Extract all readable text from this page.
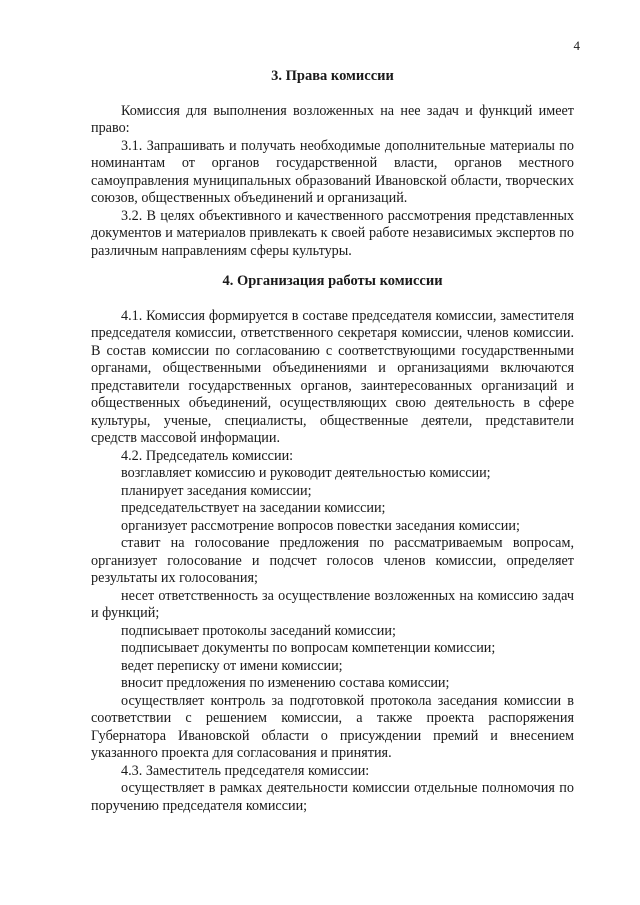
4

3. Права комиссии

Комиссия для выполнения возложенных на нее задач и функций имеет право:

3.1. Запрашивать и получать необходимые дополнительные материалы по номинантам от органов государственной власти, органов местного самоуправления муниципальных образований Ивановской области, творческих союзов, общественных объединений и организаций.

3.2. В целях объективного и качественного рассмотрения представленных документов и материалов привлекать к своей работе независимых экспертов по различным направлениям сферы культуры.

4. Организация работы комиссии

4.1. Комиссия формируется в составе председателя комиссии, заместителя председателя комиссии, ответственного секретаря комиссии, членов комиссии. В состав комиссии по согласованию с соответствующими государственными органами, общественными объединениями и организациями включаются представители государственных органов, заинтересованных организаций и общественных объединений, осуществляющих свою деятельность в сфере культуры, ученые, специалисты, общественные деятели, представители средств массовой информации.

4.2. Председатель комиссии:

возглавляет комиссию и руководит деятельностью комиссии;

планирует заседания комиссии;

председательствует на заседании комиссии;

организует рассмотрение вопросов повестки заседания комиссии;

ставит на голосование предложения по рассматриваемым вопросам, организует голосование и подсчет голосов членов комиссии, определяет результаты их голосования;

несет ответственность за осуществление возложенных на комиссию задач и функций;

подписывает протоколы заседаний комиссии;

подписывает документы по вопросам компетенции комиссии;

ведет переписку от имени комиссии;

вносит предложения по изменению состава комиссии;

осуществляет контроль за подготовкой протокола заседания комиссии в соответствии с решением комиссии, а также проекта распоряжения Губернатора Ивановской области о присуждении премий и внесением указанного проекта для согласования и принятия.

4.3. Заместитель председателя комиссии:

осуществляет в рамках деятельности комиссии отдельные полномочия по поручению председателя комиссии;
